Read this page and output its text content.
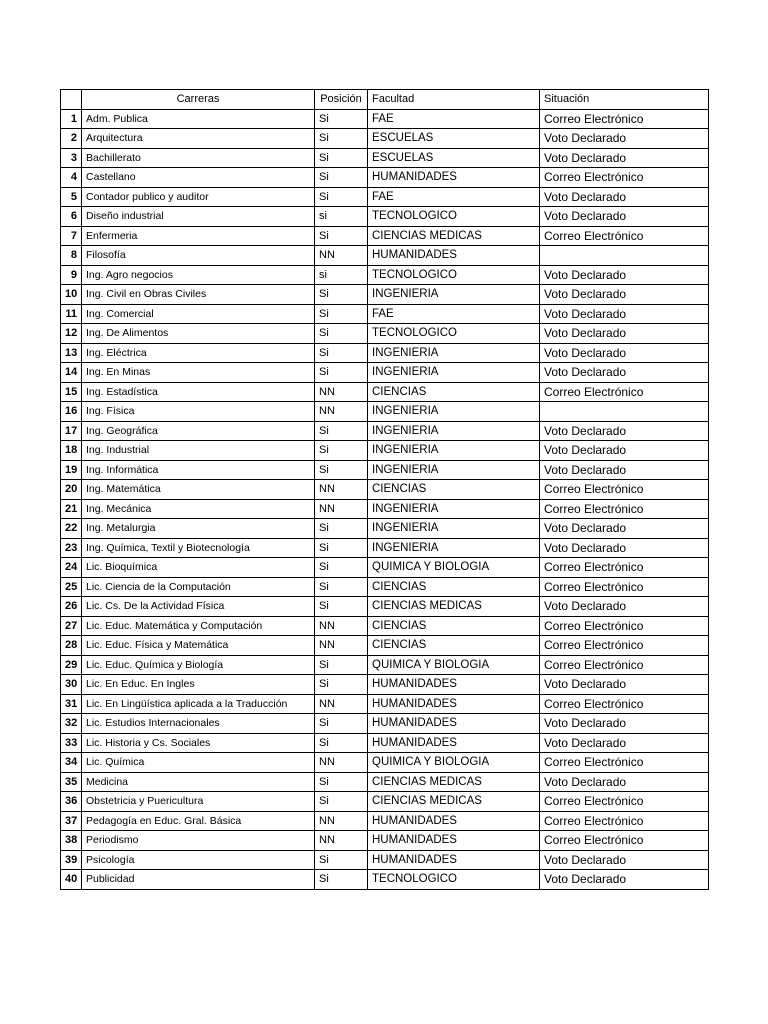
	Carreras	Posición	Facultad	Situación
1	Adm. Publica	Si	FAE	Correo Electrónico
2	Arquitectura	Si	ESCUELAS	Voto Declarado
3	Bachillerato	Si	ESCUELAS	Voto Declarado
4	Castellano	Si	HUMANIDADES	Correo Electrónico
5	Contador publico y auditor	Si	FAE	Voto Declarado
6	Diseño industrial	si	TECNOLOGICO	Voto Declarado
7	Enfermeria	Si	CIENCIAS MEDICAS	Correo Electrónico
8	Filosofía	NN	HUMANIDADES	
9	Ing. Agro negocios	si	TECNOLOGICO	Voto Declarado
10	Ing. Civil en Obras Civiles	Si	INGENIERIA	Voto Declarado
11	Ing. Comercial	Si	FAE	Voto Declarado
12	Ing. De Alimentos	Si	TECNOLOGICO	Voto Declarado
13	Ing. Eléctrica	Si	INGENIERIA	Voto Declarado
14	Ing. En Minas	Si	INGENIERIA	Voto Declarado
15	Ing. Estadística	NN	CIENCIAS	Correo Electrónico
16	Ing. Física	NN	INGENIERIA	
17	Ing. Geográfica	Si	INGENIERIA	Voto Declarado
18	Ing. Industrial	Si	INGENIERIA	Voto Declarado
19	Ing. Informática	Si	INGENIERIA	Voto Declarado
20	Ing. Matemática	NN	CIENCIAS	Correo Electrónico
21	Ing. Mecánica	NN	INGENIERIA	Correo Electrónico
22	Ing. Metalurgia	Si	INGENIERIA	Voto Declarado
23	Ing. Química, Textil y Biotecnología	Si	INGENIERIA	Voto Declarado
24	Lic. Bioquímica	Si	QUIMICA Y BIOLOGIA	Correo Electrónico
25	Lic. Ciencia de la Computación	Si	CIENCIAS	Correo Electrónico
26	Lic. Cs. De la Actividad Física	Si	CIENCIAS MEDICAS	Voto Declarado
27	Lic. Educ. Matemática y Computación	NN	CIENCIAS	Correo Electrónico
28	Lic. Educ. Física y Matemática	NN	CIENCIAS	Correo Electrónico
29	Lic. Educ. Química y Biología	Si	QUIMICA Y BIOLOGIA	Correo Electrónico
30	Lic. En Educ. En Ingles	Si	HUMANIDADES	Voto Declarado
31	Lic. En Lingüística aplicada a la Traducción	NN	HUMANIDADES	Correo Electrónico
32	Lic. Estudios Internacionales	Si	HUMANIDADES	Voto Declarado
33	Lic. Historia y Cs. Sociales	Si	HUMANIDADES	Voto Declarado
34	Lic. Química	NN	QUIMICA Y BIOLOGIA	Correo Electrónico
35	Medicina	Si	CIENCIAS MEDICAS	Voto Declarado
36	Obstetricia y Puericultura	Si	CIENCIAS MEDICAS	Correo Electrónico
37	Pedagogía en Educ. Gral. Básica	NN	HUMANIDADES	Correo Electrónico
38	Periodismo	NN	HUMANIDADES	Correo Electrónico
39	Psicología	Si	HUMANIDADES	Voto Declarado
40	Publicidad	Si	TECNOLOGICO	Voto Declarado
